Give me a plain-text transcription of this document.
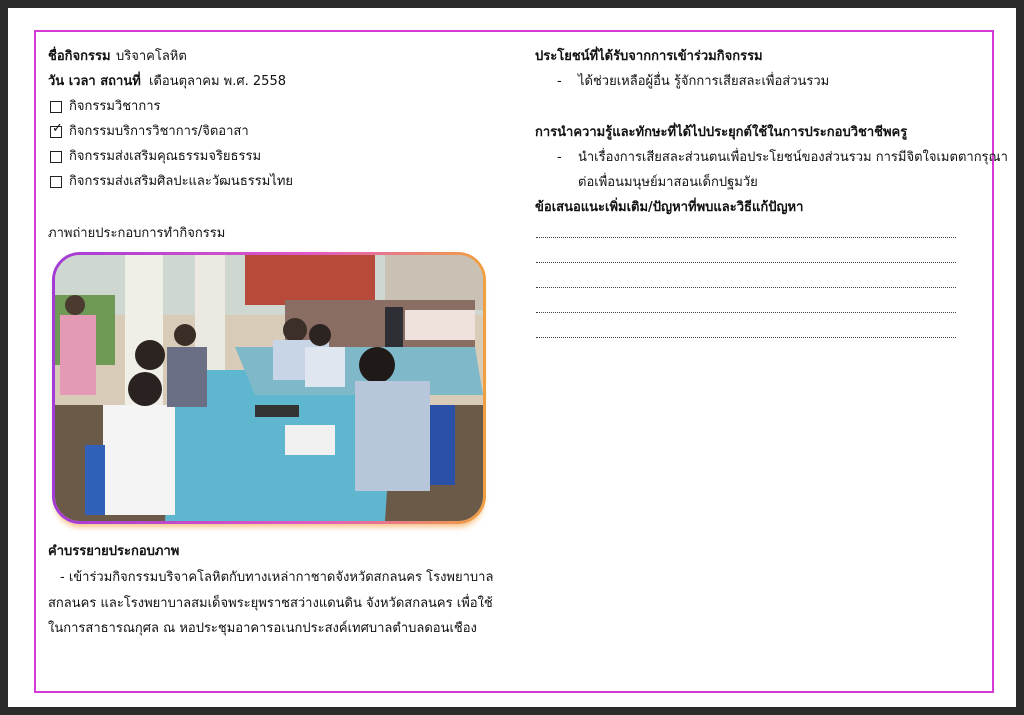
ชื่อกิจกรรม บริจาคโลหิต
วัน เวลา สถานที่ เดือนตุลาคม พ.ศ. 2558
กิจกรรมวิชาการ
✓ กิจกรรมบริการวิชาการ/จิตอาสา
กิจกรรมส่งเสริมคุณธรรมจริยธรรม
กิจกรรมส่งเสริมศิลปะและวัฒนธรรมไทย
ภาพถ่ายประกอบการทำกิจกรรม
คำบรรยายประกอบภาพ
- เข้าร่วมกิจกรรมบริจาคโลหิตกับทางเหล่ากาชาดจังหวัดสกลนคร โรงพยาบาล
สกลนคร และโรงพยาบาลสมเด็จพระยุพราชสว่างแดนดิน จังหวัดสกลนคร เพื่อใช้
ในการสาธารณกุศล ณ หอประชุมอาคารอเนกประสงค์เทศบาลตำบลดอนเชือง
ประโยชน์ที่ได้รับจากการเข้าร่วมกิจกรรม
- ได้ช่วยเหลือผู้อื่น รู้จักการเสียสละเพื่อส่วนรวม
การนำความรู้และทักษะที่ได้ไปประยุกต์ใช้ในการประกอบวิชาชีพครู
- นำเรื่องการเสียสละส่วนตนเพื่อประโยชน์ของส่วนรวม การมีจิตใจเมตตากรุณา
ต่อเพื่อนมนุษย์มาสอนเด็กปฐมวัย
ข้อเสนอแนะเพิ่มเติม/ปัญหาที่พบและวิธีแก้ปัญหา
